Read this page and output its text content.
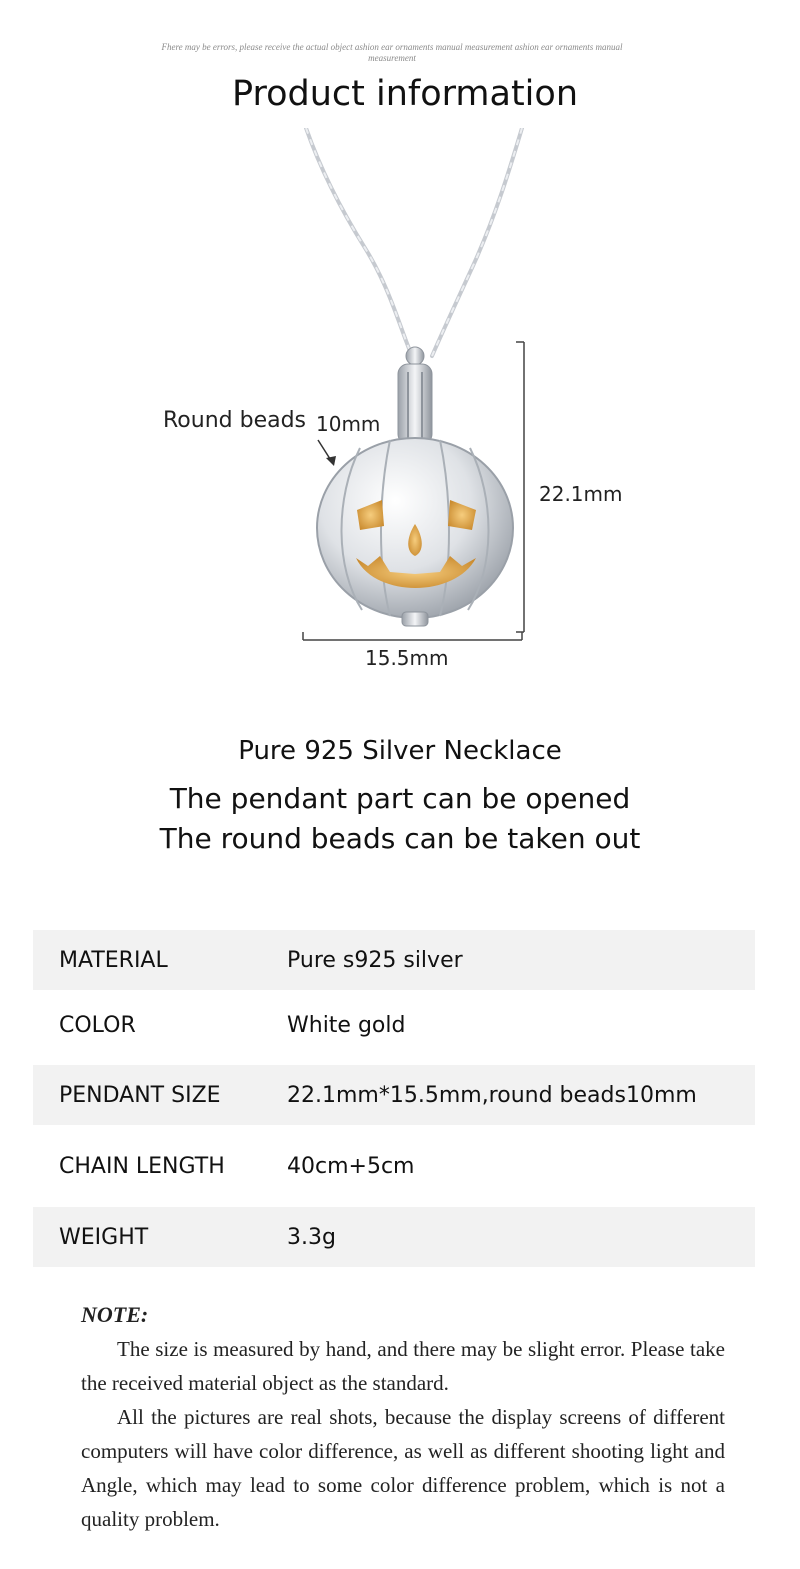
Fhere may be errors, please receive the actual object ashion ear ornaments manual measurement ashion ear ornaments manual measurement
Product information
Round beads 10mm
22.1mm
15.5mm
Pure 925 Silver Necklace
The pendant part can be opened
The round beads can be taken out
MATERIAL	Pure s925 silver
COLOR	White gold
PENDANT SIZE	22.1mm*15.5mm,round beads10mm
CHAIN LENGTH	40cm+5cm
WEIGHT	3.3g
NOTE:

The size is measured by hand, and there may be slight error. Please take the received material object as the standard.

All the pictures are real shots, because the display screens of different computers will have color difference, as well as different shooting light and Angle, which may lead to some color difference problem, which is not a quality problem.
